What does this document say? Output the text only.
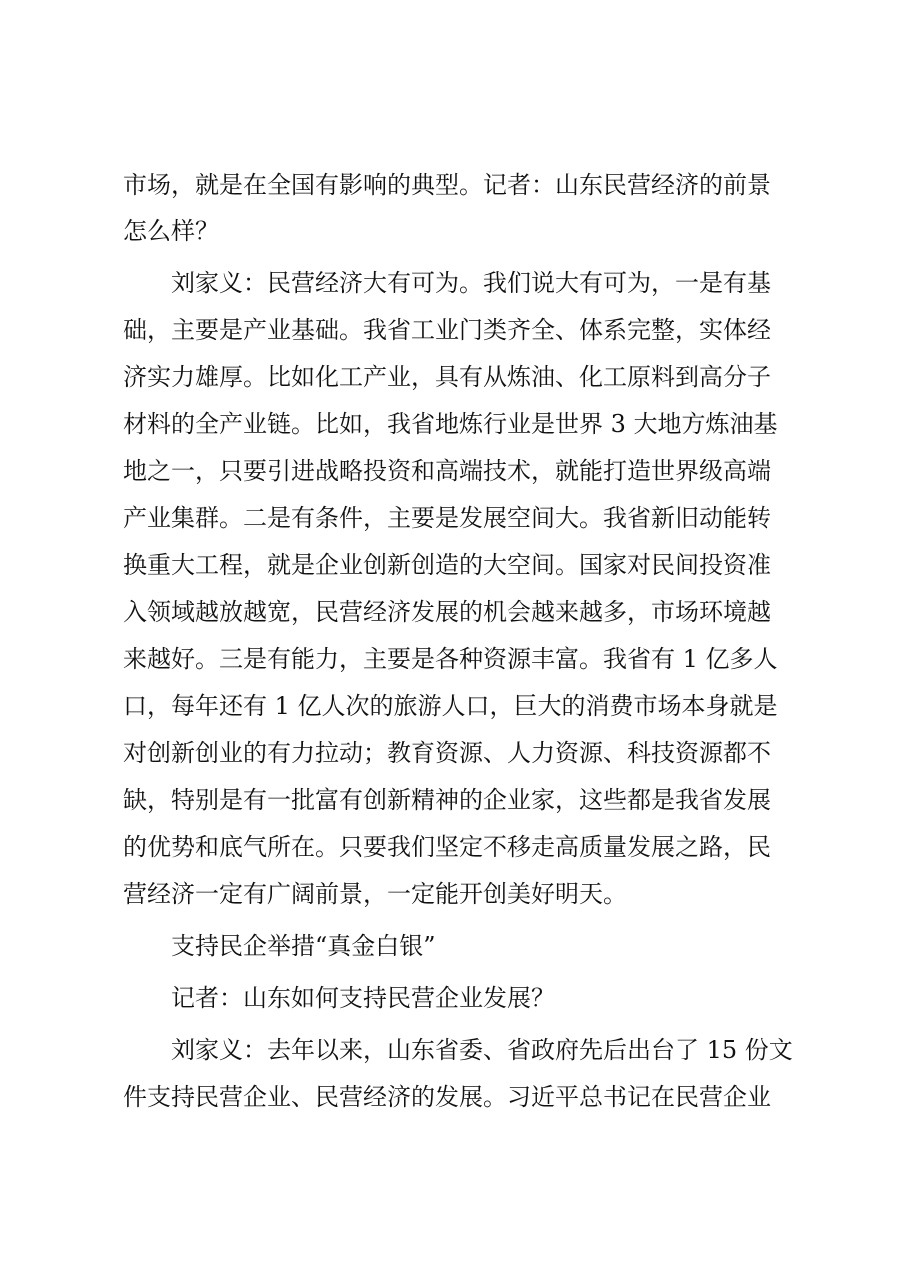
市场，就是在全国有影响的典型。记者：山东民营经济的前景
怎么样？
刘家义：民营经济大有可为。我们说大有可为，一是有基
础，主要是产业基础。我省工业门类齐全、体系完整，实体经
济实力雄厚。比如化工产业，具有从炼油、化工原料到高分子
材料的全产业链。比如，我省地炼行业是世界 3 大地方炼油基
地之一，只要引进战略投资和高端技术，就能打造世界级高端
产业集群。二是有条件，主要是发展空间大。我省新旧动能转
换重大工程，就是企业创新创造的大空间。国家对民间投资准
入领域越放越宽，民营经济发展的机会越来越多，市场环境越
来越好。三是有能力，主要是各种资源丰富。我省有 1 亿多人
口，每年还有 1 亿人次的旅游人口，巨大的消费市场本身就是
对创新创业的有力拉动；教育资源、人力资源、科技资源都不
缺，特别是有一批富有创新精神的企业家，这些都是我省发展
的优势和底气所在。只要我们坚定不移走高质量发展之路，民
营经济一定有广阔前景，一定能开创美好明天。
支持民企举措“真金白银”
记者：山东如何支持民营企业发展？
刘家义：去年以来，山东省委、省政府先后出台了 15 份文
件支持民营企业、民营经济的发展。习近平总书记在民营企业
